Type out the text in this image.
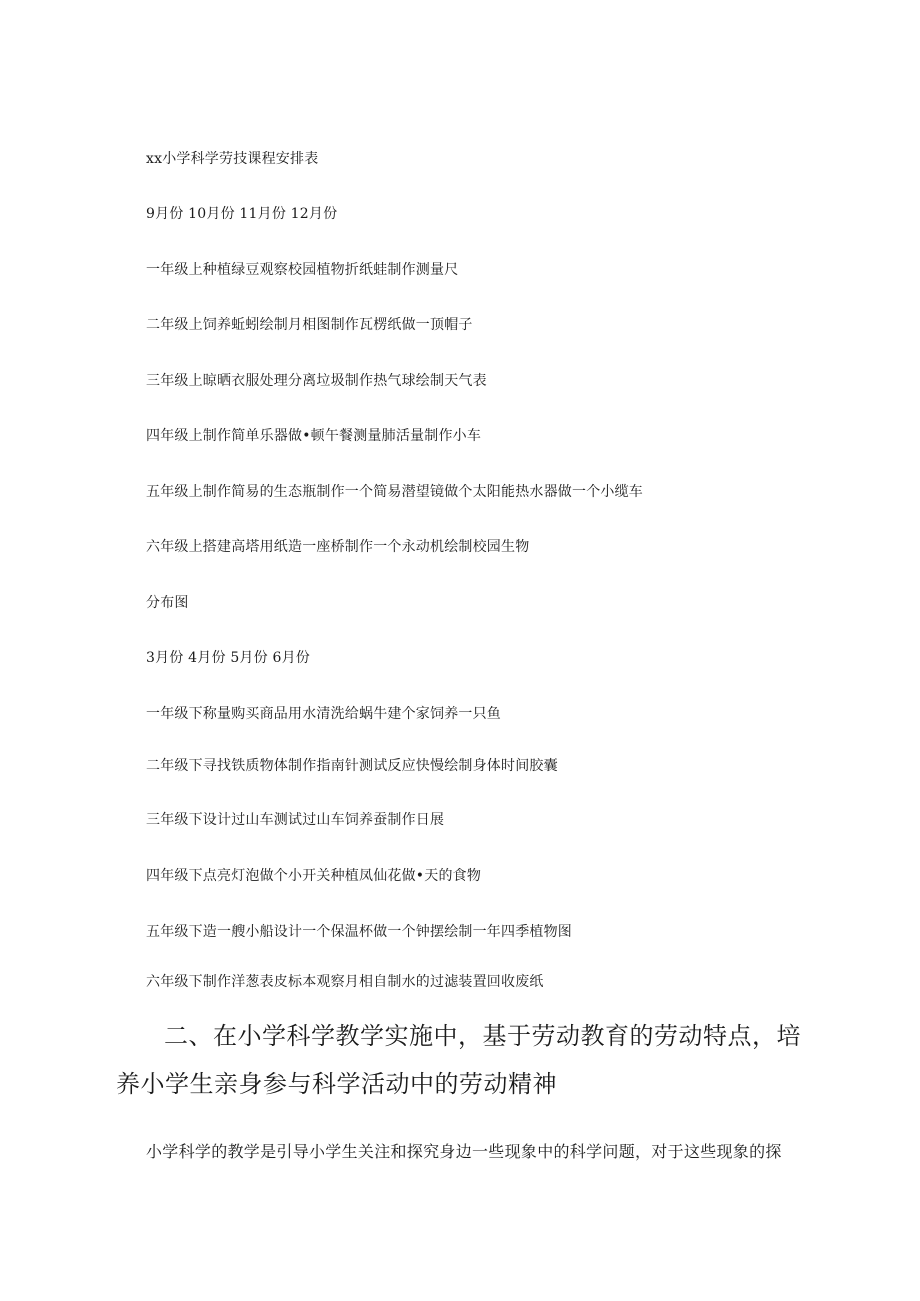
xx小学科学劳技课程安排表
9月份 10月份 11月份 12月份
一年级上种植绿豆观察校园植物折纸蛙制作测量尺
二年级上饲养蚯蚓绘制月相图制作瓦楞纸做一顶帽子
三年级上晾晒衣服处理分离垃圾制作热气球绘制天气表
四年级上制作简单乐器做•顿午餐测量肺活量制作小车
五年级上制作简易的生态瓶制作一个简易潜望镜做个太阳能热水器做一个小缆车
六年级上搭建高塔用纸造一座桥制作一个永动机绘制校园生物
分布图
3月份 4月份 5月份 6月份
一年级下称量购买商品用水清洗给蜗牛建个家饲养一只鱼
二年级下寻找铁质物体制作指南针测试反应快慢绘制身体时间胶囊
三年级下设计过山车测试过山车饲养蚕制作日展
四年级下点亮灯泡做个小开关种植凤仙花做•天的食物
五年级下造一艘小船设计一个保温杯做一个钟摆绘制一年四季植物图
六年级下制作洋葱表皮标本观察月相自制水的过滤装置回收废纸
二、在小学科学教学实施中，基于劳动教育的劳动特点，培
养小学生亲身参与科学活动中的劳动精神
小学科学的教学是引导小学生关注和探究身边一些现象中的科学问题，对于这些现象的探
